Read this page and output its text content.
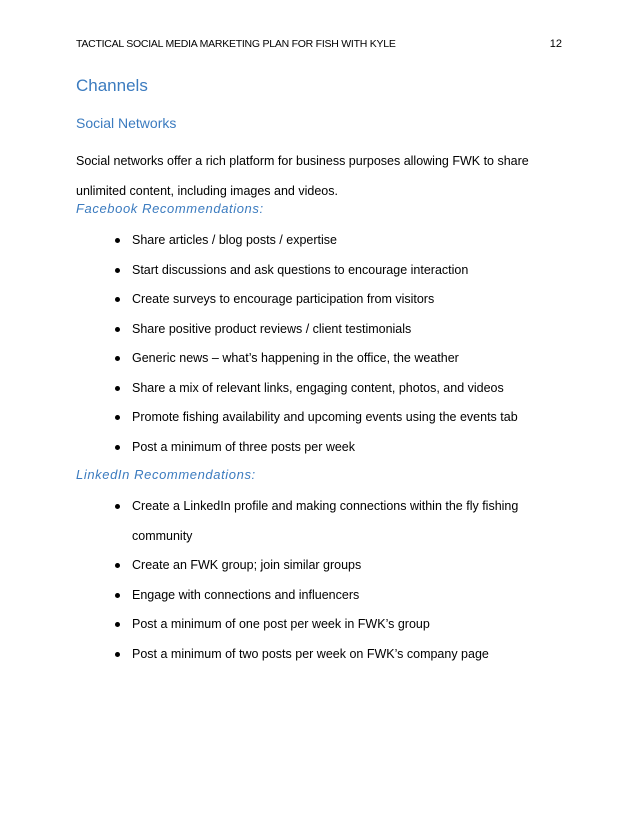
TACTICAL SOCIAL MEDIA MARKETING PLAN FOR FISH WITH KYLE	12
Channels
Social Networks
Social networks offer a rich platform for business purposes allowing FWK to share unlimited content, including images and videos.
Facebook Recommendations:
Share articles / blog posts / expertise
Start discussions and ask questions to encourage interaction
Create surveys to encourage participation from visitors
Share positive product reviews / client testimonials
Generic news – what’s happening in the office, the weather
Share a mix of relevant links, engaging content, photos, and videos
Promote fishing availability and upcoming events using the events tab
Post a minimum of three posts per week
LinkedIn Recommendations:
Create a LinkedIn profile and making connections within the fly fishing community
Create an FWK group; join similar groups
Engage with connections and influencers
Post a minimum of one post per week in FWK’s group
Post a minimum of two posts per week on FWK’s company page
